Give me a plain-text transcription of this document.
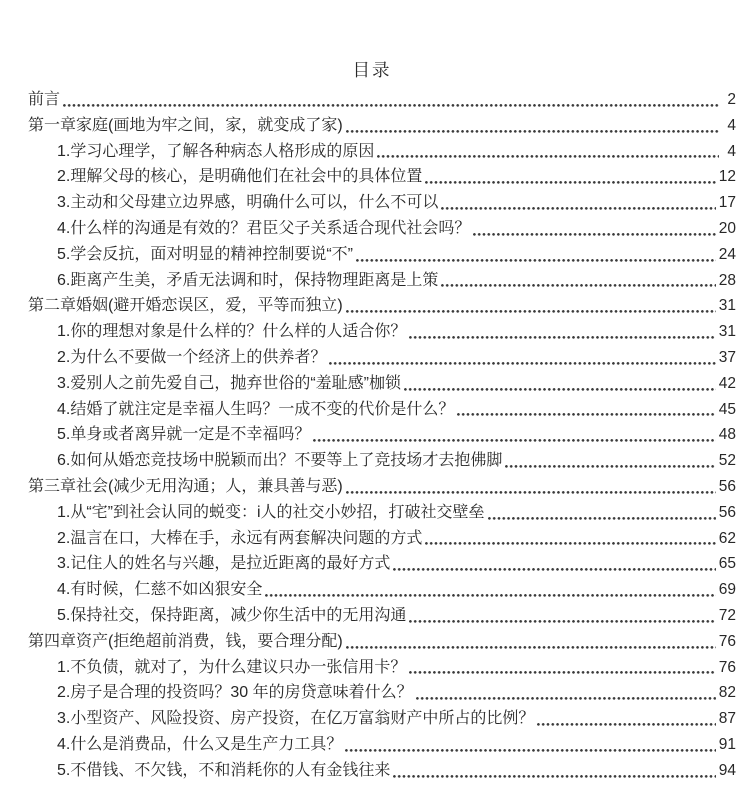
目录
前言	2
第一章家庭(画地为牢之间，家，就变成了家)	4
1.学习心理学，了解各种病态人格形成的原因	4
2.理解父母的核心，是明确他们在社会中的具体位置	12
3.主动和父母建立边界感，明确什么可以，什么不可以	17
4.什么样的沟通是有效的？君臣父子关系适合现代社会吗？	20
5.学会反抗，面对明显的精神控制要说“不”	24
6.距离产生美，矛盾无法调和时，保持物理距离是上策	28
第二章婚姻(避开婚恋误区，爱，平等而独立)	31
1.你的理想对象是什么样的？什么样的人适合你？	31
2.为什么不要做一个经济上的供养者？	37
3.爱别人之前先爱自己，抛弃世俗的“羞耻感”枷锁	42
4.结婚了就注定是幸福人生吗？一成不变的代价是什么？	45
5.单身或者离异就一定是不幸福吗？	48
6.如何从婚恋竞技场中脱颖而出？不要等上了竞技场才去抱佛脚	52
第三章社会(减少无用沟通；人，兼具善与恶)	56
1.从“宅”到社会认同的蜕变：i人的社交小妙招，打破社交壁垒	56
2.温言在口，大棒在手，永远有两套解决问题的方式	62
3.记住人的姓名与兴趣，是拉近距离的最好方式	65
4.有时候，仁慈不如凶狠安全	69
5.保持社交，保持距离，减少你生活中的无用沟通	72
第四章资产(拒绝超前消费，钱，要合理分配)	76
1.不负债，就对了，为什么建议只办一张信用卡？	76
2.房子是合理的投资吗？30 年的房贷意味着什么？	82
3.小型资产、风险投资、房产投资，在亿万富翁财产中所占的比例？	87
4.什么是消费品，什么又是生产力工具？	91
5.不借钱、不欠钱，不和消耗你的人有金钱往来	94
